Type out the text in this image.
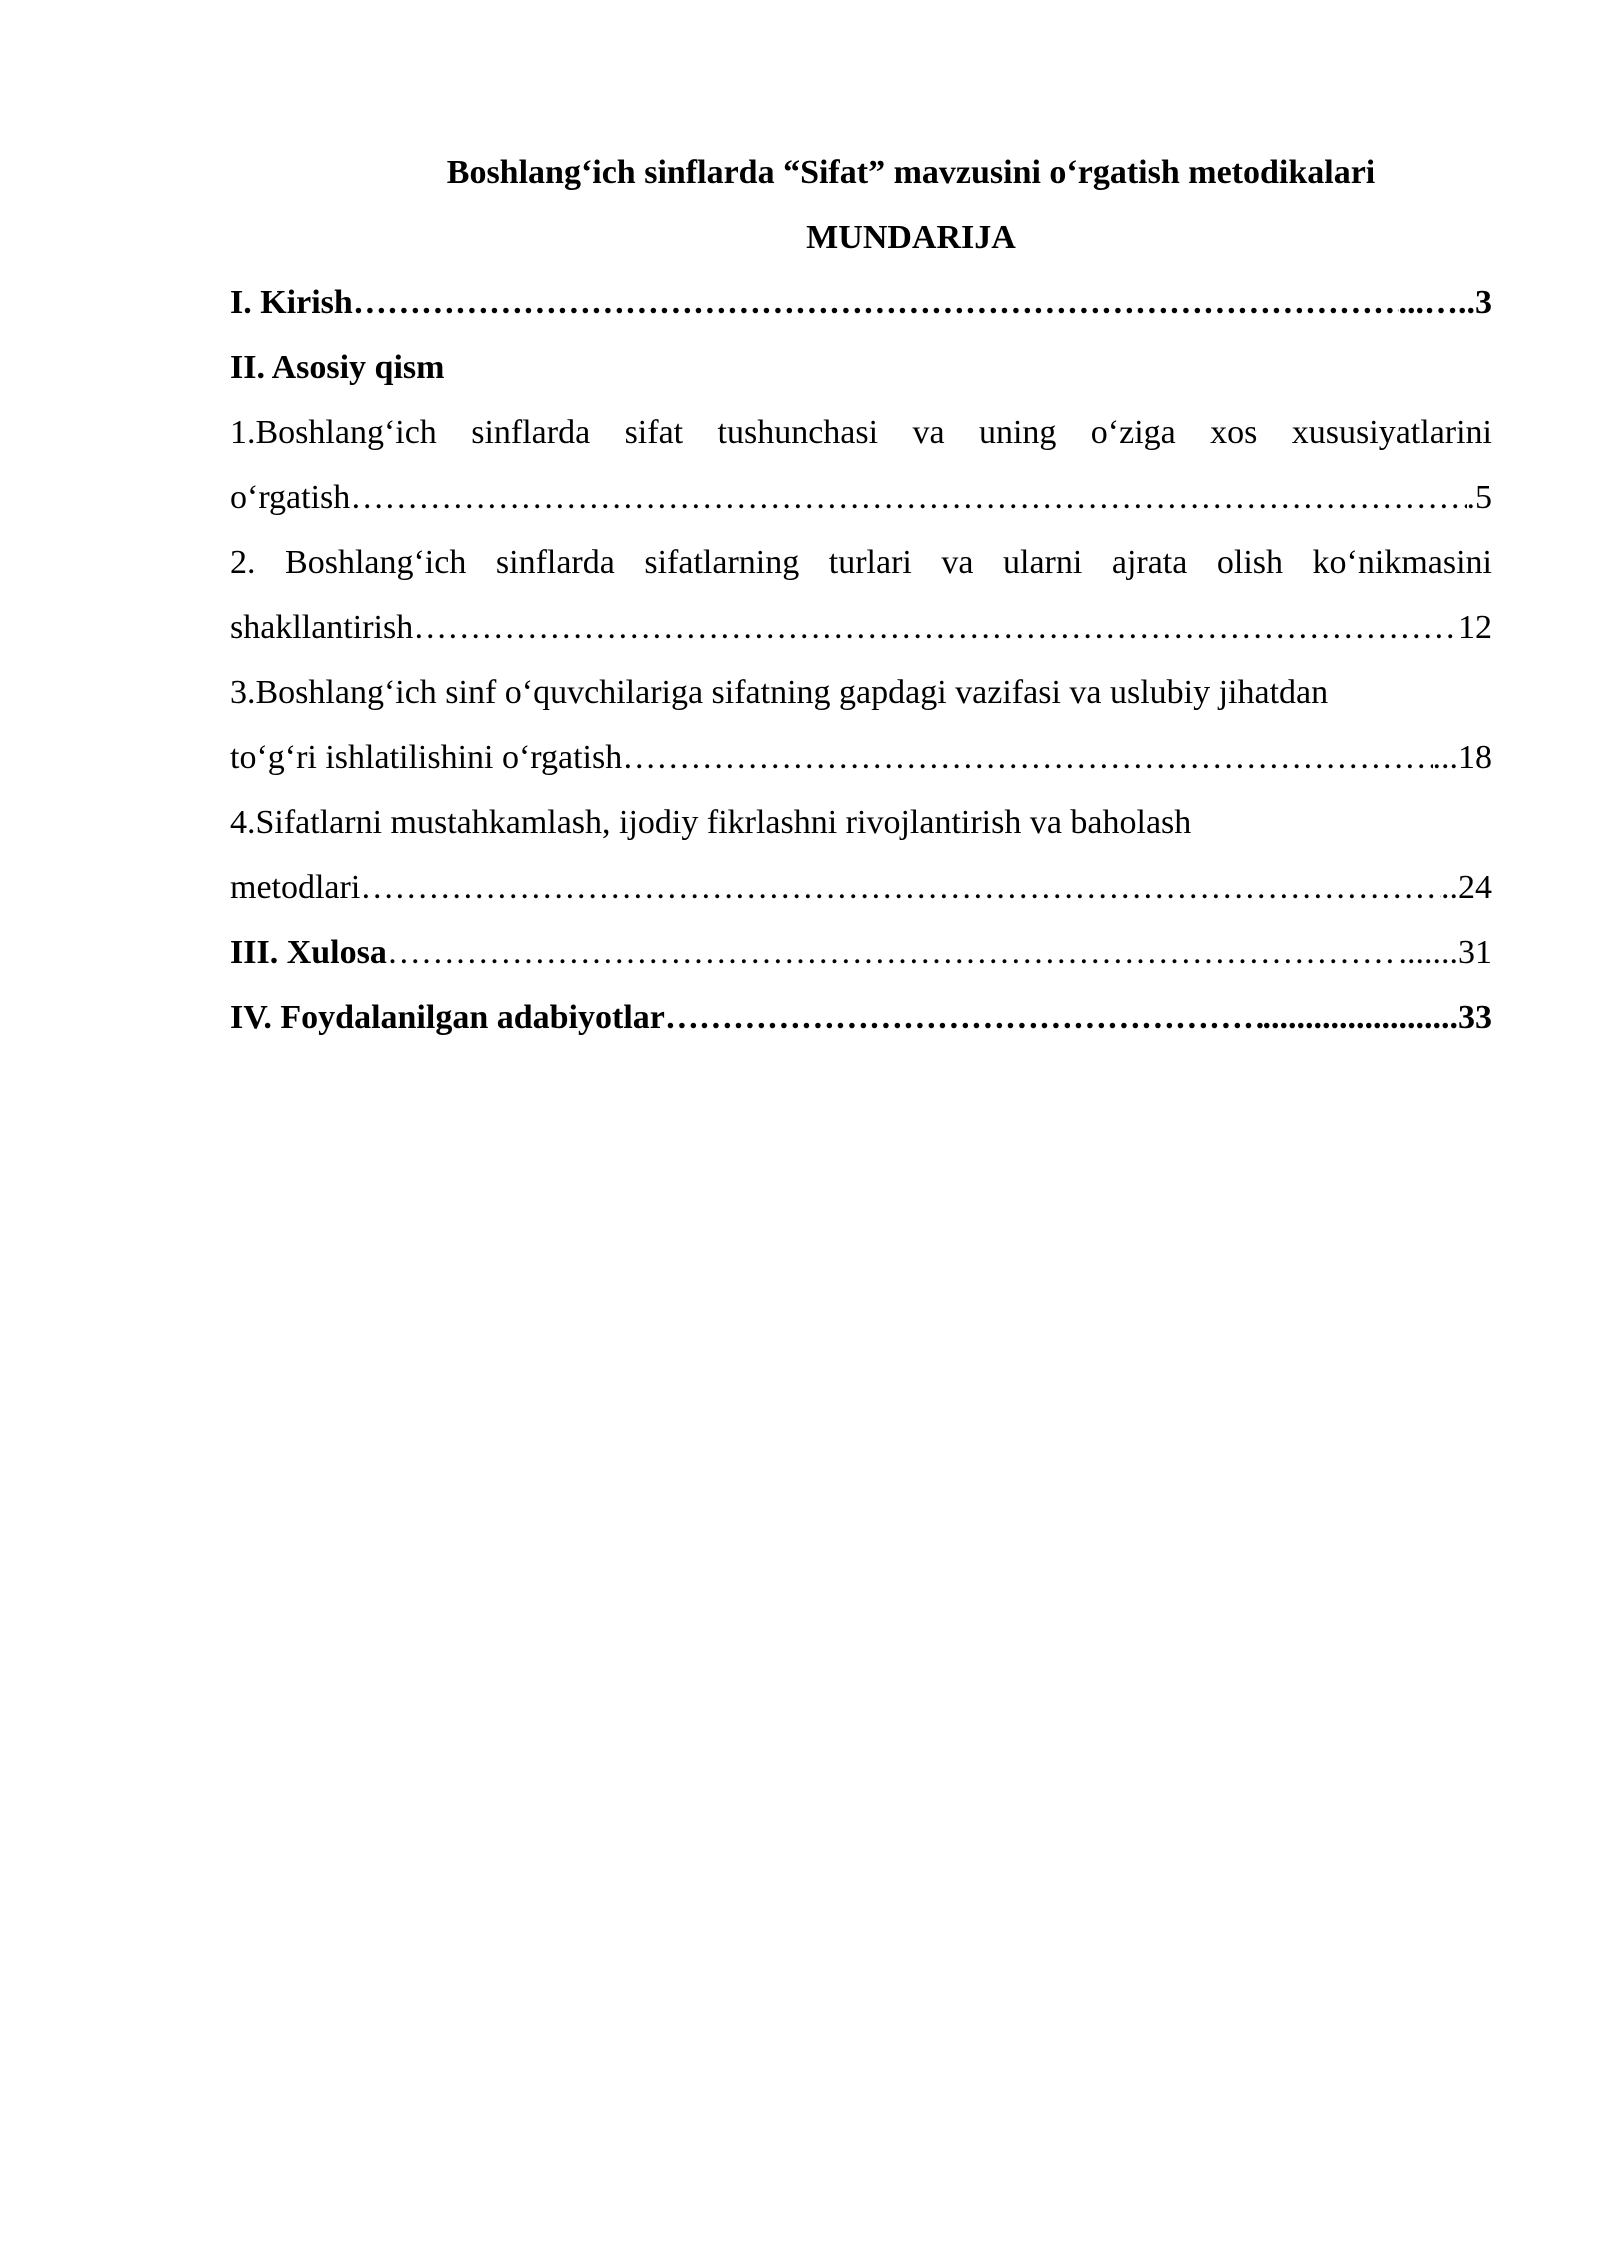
Boshlang‘ich sinflarda “Sifat” mavzusini o‘rgatish metodikalari
MUNDARIJA
I. Kirish …………………………………………………………………………………………………………………………………………………………………………………………………	...…..3
II. Asosiy qism
1.Boshlang‘ich sinflarda sifat tushunchasi va uning o‘ziga xos xususiyatlarini
o‘rgatish …………………………………………………………………………………………………………………………………………………………………………………………………	.5
2. Boshlang‘ich sinflarda sifatlarning turlari va ularni ajrata olish ko‘nikmasini
shakllantirish …………………………………………………………………………………………………………………………………………………………………………………………………	12
3.Boshlang‘ich sinf o‘quvchilariga sifatning gapdagi vazifasi va uslubiy jihatdan
to‘g‘ri ishlatilishini o‘rgatish …………………………………………………………………………………………………………………………………………………………………………………………………	...18
4.Sifatlarni mustahkamlash, ijodiy fikrlashni rivojlantirish va baholash
metodlari …………………………………………………………………………………………………………………………………………………………………………………………………	..24
III. Xulosa …………………………………………………………………………………………………………………………………………………………………………………………………	.......31
IV. Foydalanilgan adabiyotlar …………………………………………………………………………………………………………………………………………………………………………………………………	.......................33
